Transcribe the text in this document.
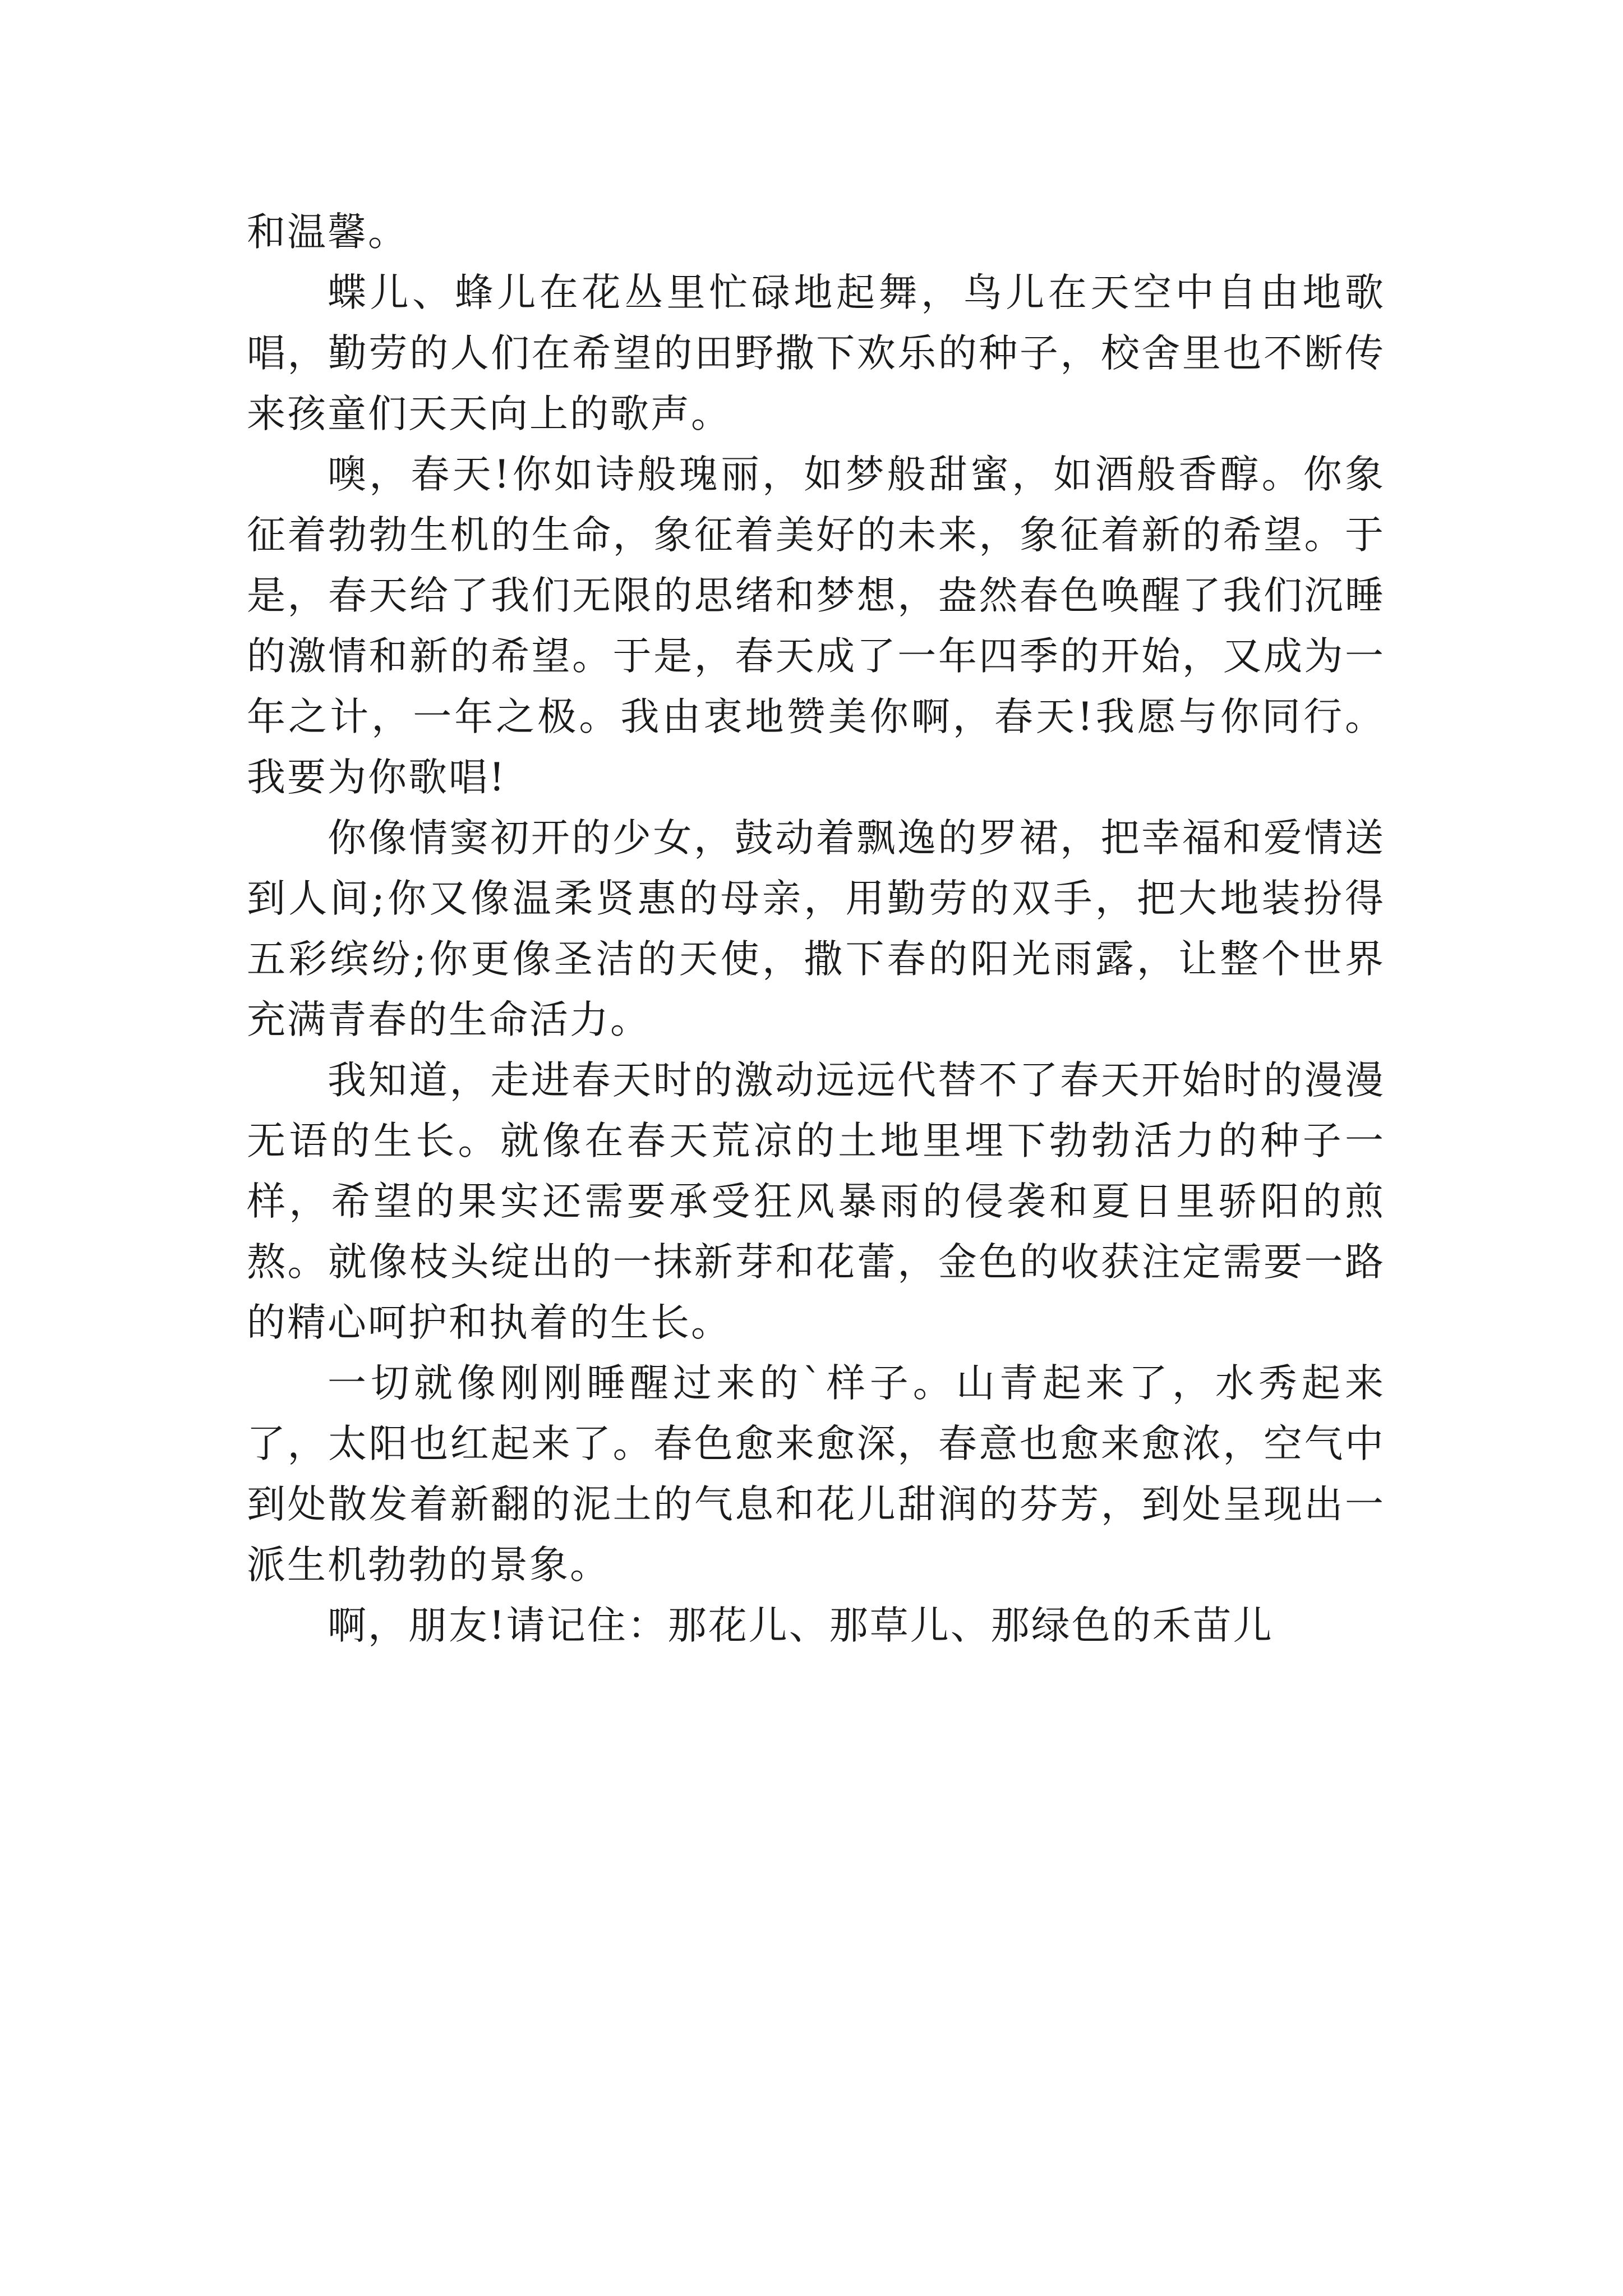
和温馨。

蝶儿、蜂儿在花丛里忙碌地起舞，鸟儿在天空中自由地歌唱，勤劳的人们在希望的田野撒下欢乐的种子，校舍里也不断传来孩童们天天向上的歌声。

噢，春天!你如诗般瑰丽，如梦般甜蜜，如酒般香醇。你象征着勃勃生机的生命，象征着美好的未来，象征着新的希望。于是，春天给了我们无限的思绪和梦想，盎然春色唤醒了我们沉睡的激情和新的希望。于是，春天成了一年四季的开始，又成为一年之计，一年之极。我由衷地赞美你啊，春天!我愿与你同行。我要为你歌唱!

你像情窦初开的少女，鼓动着飘逸的罗裙，把幸福和爱情送到人间;你又像温柔贤惠的母亲，用勤劳的双手，把大地装扮得五彩缤纷;你更像圣洁的天使，撒下春的阳光雨露，让整个世界充满青春的生命活力。

我知道，走进春天时的激动远远代替不了春天开始时的漫漫无语的生长。就像在春天荒凉的土地里埋下勃勃活力的种子一样，希望的果实还需要承受狂风暴雨的侵袭和夏日里骄阳的煎熬。就像枝头绽出的一抹新芽和花蕾，金色的收获注定需要一路的精心呵护和执着的生长。

一切就像刚刚睡醒过来的`样子。山青起来了，水秀起来了，太阳也红起来了。春色愈来愈深，春意也愈来愈浓，空气中到处散发着新翻的泥土的气息和花儿甜润的芬芳，到处呈现出一派生机勃勃的景象。

啊，朋友!请记住：那花儿、那草儿、那绿色的禾苗儿
